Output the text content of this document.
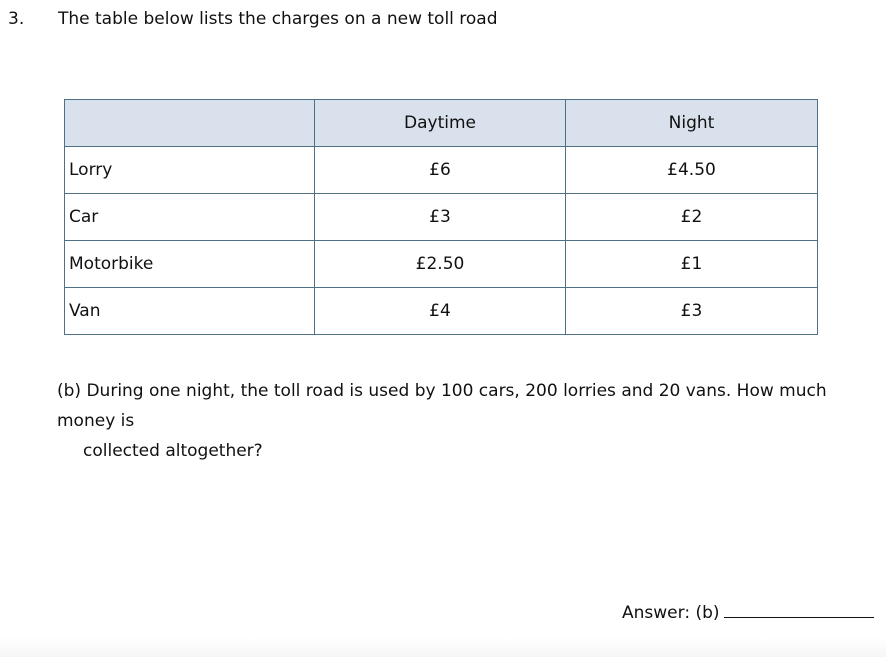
3. The table below lists the charges on a new toll road
	Daytime	Night
Lorry	£6	£4.50
Car	£3	£2
Motorbike	£2.50	£1
Van	£4	£3
(b) During one night, the toll road is used by 100 cars, 200 lorries and 20 vans. How much money is
collected altogether?
Answer: (b)
